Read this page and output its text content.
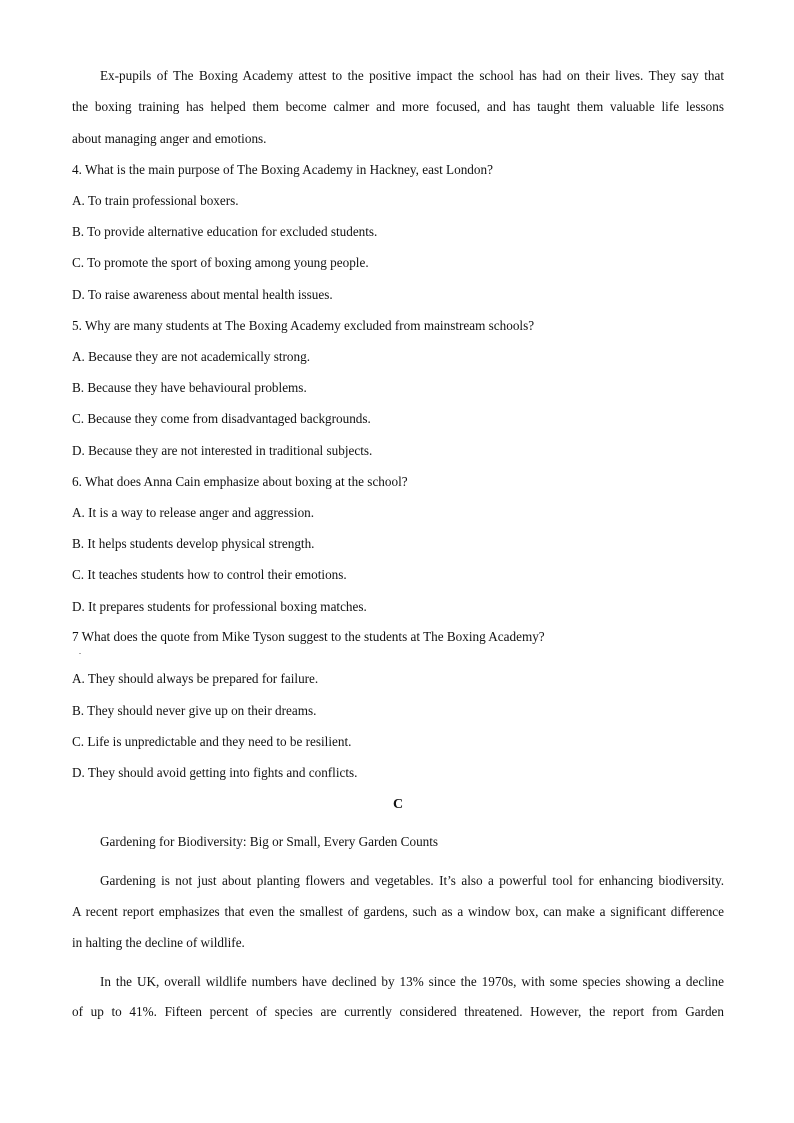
Ex-pupils of The Boxing Academy attest to the positive impact the school has had on their lives. They say that
the boxing training has helped them become calmer and more focused, and has taught them valuable life lessons
about managing anger and emotions.
4. What is the main purpose of The Boxing Academy in Hackney, east London?
A. To train professional boxers.
B. To provide alternative education for excluded students.
C. To promote the sport of boxing among young people.
D. To raise awareness about mental health issues.
5. Why are many students at The Boxing Academy excluded from mainstream schools?
A. Because they are not academically strong.
B. Because they have behavioural problems.
C. Because they come from disadvantaged backgrounds.
D. Because they are not interested in traditional subjects.
6. What does Anna Cain emphasize about boxing at the school?
A. It is a way to release anger and aggression.
B. It helps students develop physical strength.
C. It teaches students how to control their emotions.
D. It prepares students for professional boxing matches.
7 What does the quote from Mike Tyson suggest to the students at The Boxing Academy?
.
A. They should always be prepared for failure.
B. They should never give up on their dreams.
C. Life is unpredictable and they need to be resilient.
D. They should avoid getting into fights and conflicts.
C
Gardening for Biodiversity: Big or Small, Every Garden Counts
Gardening is not just about planting flowers and vegetables. It’s also a powerful tool for enhancing biodiversity.
A recent report emphasizes that even the smallest of gardens, such as a window box, can make a significant difference
in halting the decline of wildlife.
In the UK, overall wildlife numbers have declined by 13% since the 1970s, with some species showing a decline
of up to 41%. Fifteen percent of species are currently considered threatened. However, the report from Garden
